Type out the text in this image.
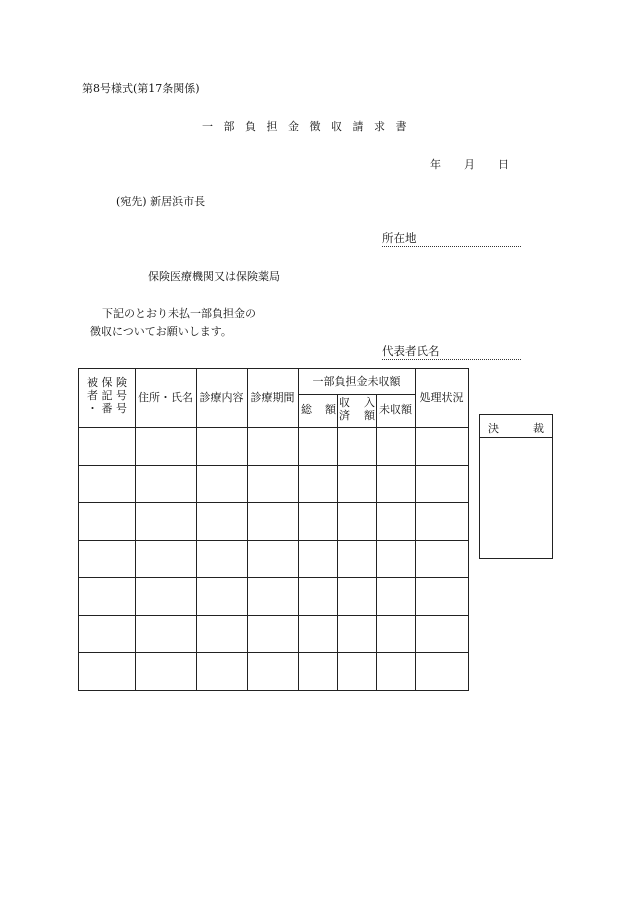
第8号様式(第17条関係)
一部負担金徴収請求書
年 月 日
(宛先) 新居浜市長
所在地
保険医療機関又は保険薬局
下記のとおり未払一部負担金の
徴収についてお願いします。
代表者氏名
被 保 険
者 記 号
・ 番 号
住所・氏名 診療内容 診療期間
一部負担金未収額
総 額
収 入
済 額 未収額
処理状況
決	裁
